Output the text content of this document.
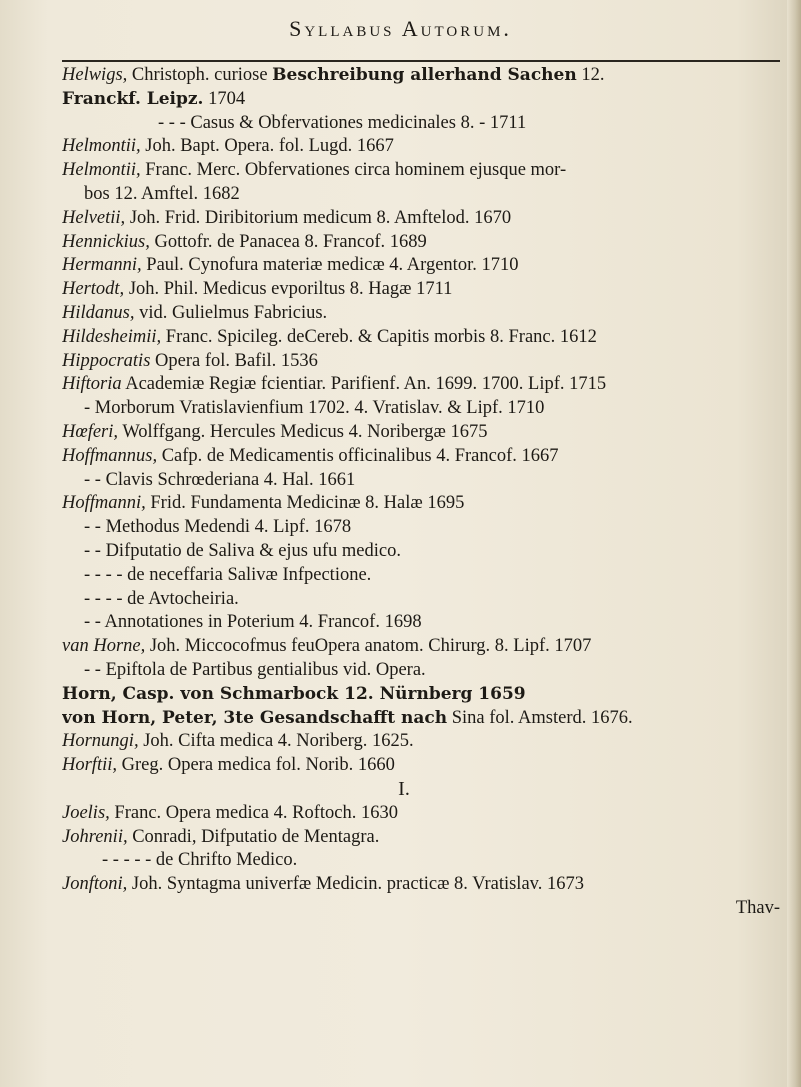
Syllabus Autorum.
Helwigs, Christoph. curiose Beschreibung allerhand Sachen 12.
Franckf. Leipz. 1704
- - - Casus & Obfervationes medicinales 8. - 1711
Helmontii, Joh. Bapt. Opera. fol. Lugd. 1667
Helmontii, Franc. Merc. Obfervationes circa hominem ejusque mor-
bos 12. Amftel. 1682
Helvetii, Joh. Frid. Diribitorium medicum 8. Amftelod. 1670
Hennickius, Gottofr. de Panacea 8. Francof. 1689
Hermanni, Paul. Cynofura materiæ medicæ 4. Argentor. 1710
Hertodt, Joh. Phil. Medicus evporiltus 8. Hagæ 1711
Hildanus, vid. Gulielmus Fabricius.
Hildesheimii, Franc. Spicileg. deCereb. & Capitis morbis 8. Franc. 1612
Hippocratis Opera fol. Bafil. 1536
Hiftoria Academiæ Regiæ fcientiar. Parifienf. An. 1699. 1700. Lipf. 1715
- Morborum Vratislavienfium 1702. 4. Vratislav. & Lipf. 1710
Hœferi, Wolffgang. Hercules Medicus 4. Noribergæ 1675
Hoffmannus, Cafp. de Medicamentis officinalibus 4. Francof. 1667
- - Clavis Schrœderiana 4. Hal. 1661
Hoffmanni, Frid. Fundamenta Medicinæ 8. Halæ 1695
- - Methodus Medendi 4. Lipf. 1678
- - Difputatio de Saliva & ejus ufu medico.
- - - - de neceffaria Salivæ Infpectione.
- - - - de Avtocheiria.
- - Annotationes in Poterium 4. Francof. 1698
van Horne, Joh. Miccocofmus feuOpera anatom. Chirurg. 8. Lipf. 1707
- - Epiftola de Partibus gentialibus vid. Opera.
Horn, Casp. von Schmarbock 12. Nürnberg 1659
von Horn, Peter, 3te Gesandschafft nach Sina fol. Amsterd. 1676.
Hornungi, Joh. Cifta medica 4. Noriberg. 1625.
Horftii, Greg. Opera medica fol. Norib. 1660
I.
Joelis, Franc. Opera medica 4. Roftoch. 1630
Johrenii, Conradi, Difputatio de Mentagra.
- - - - - de Chrifto Medico.
Jonftoni, Joh. Syntagma univerfæ Medicin. practicæ 8. Vratislav. 1673
Thav-
